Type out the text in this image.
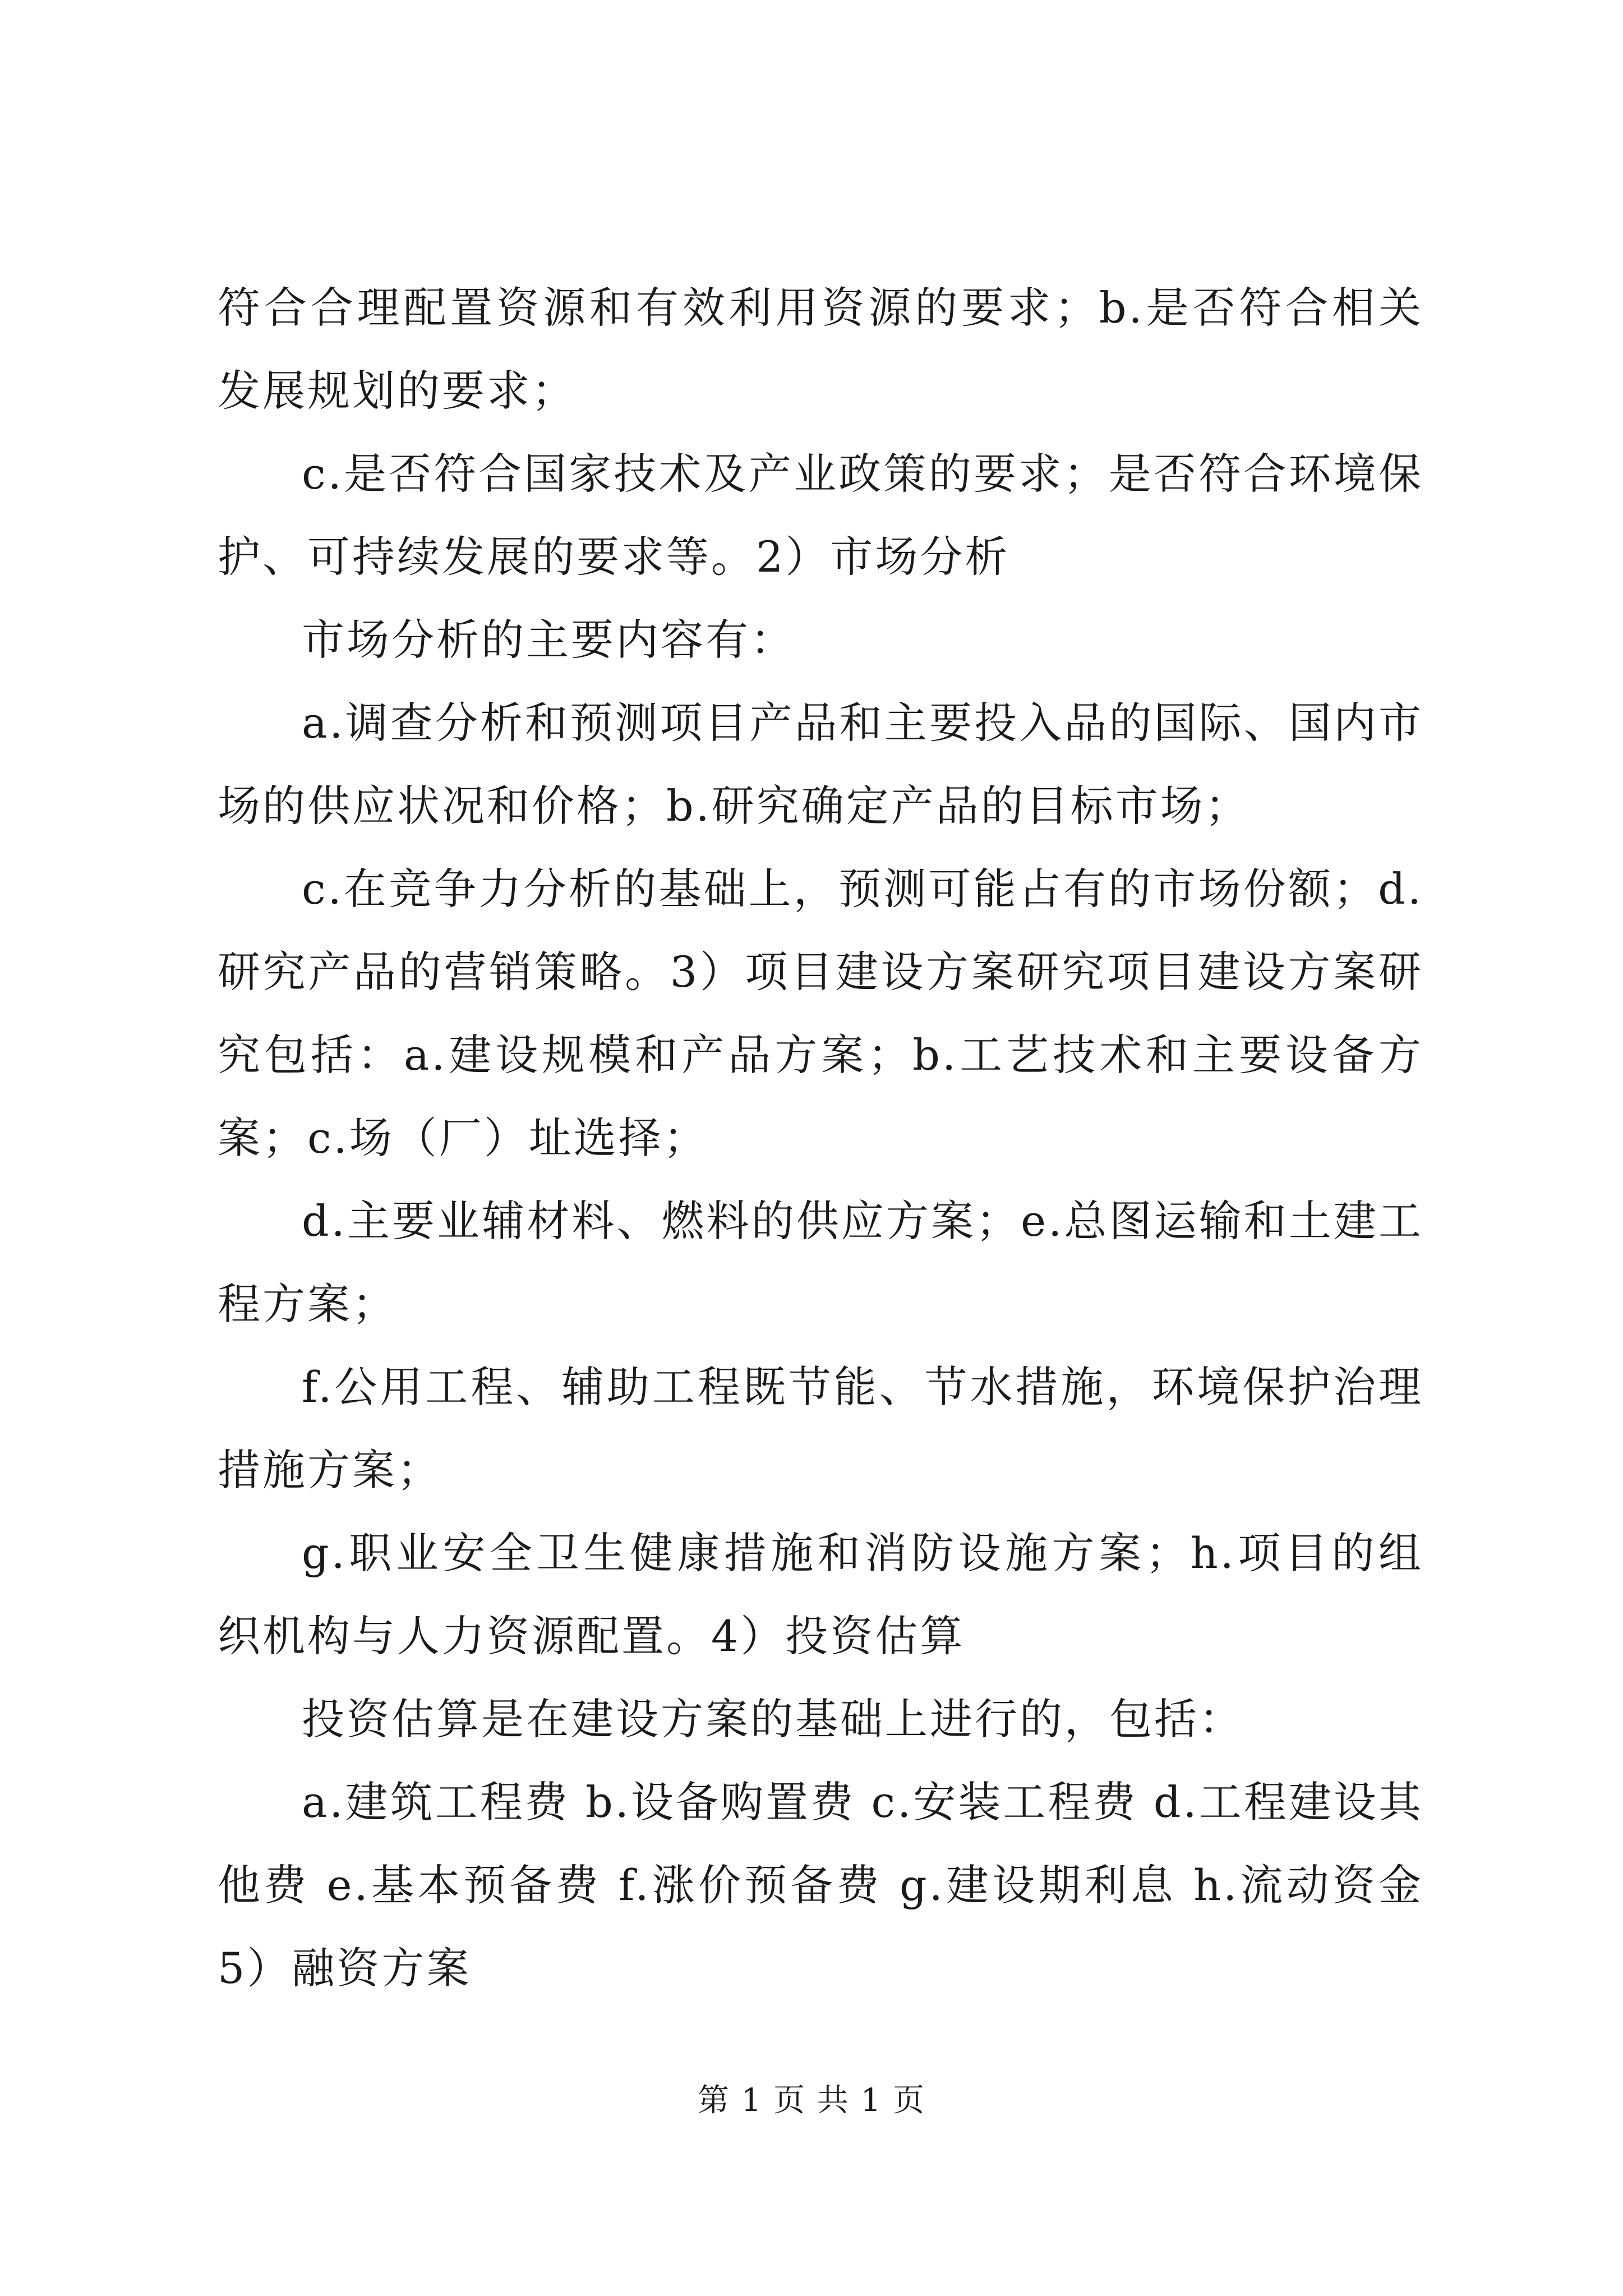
符合合理配置资源和有效利用资源的要求；b.是否符合相关发展规划的要求；

c.是否符合国家技术及产业政策的要求；是否符合环境保护、可持续发展的要求等。2）市场分析

市场分析的主要内容有：

a.调查分析和预测项目产品和主要投入品的国际、国内市场的供应状况和价格；b.研究确定产品的目标市场；

c.在竞争力分析的基础上，预测可能占有的市场份额；d.研究产品的营销策略。3）项目建设方案研究项目建设方案研究包括：a.建设规模和产品方案；b.工艺技术和主要设备方案；c.场（厂）址选择；

d.主要业辅材料、燃料的供应方案；e.总图运输和土建工程方案；

f.公用工程、辅助工程既节能、节水措施，环境保护治理措施方案；

g.职业安全卫生健康措施和消防设施方案；h.项目的组织机构与人力资源配置。4）投资估算

投资估算是在建设方案的基础上进行的，包括：

a.建筑工程费 b.设备购置费 c.安装工程费 d.工程建设其他费 e.基本预备费 f.涨价预备费 g.建设期利息 h.流动资金 5）融资方案

第 1 页 共 1 页
